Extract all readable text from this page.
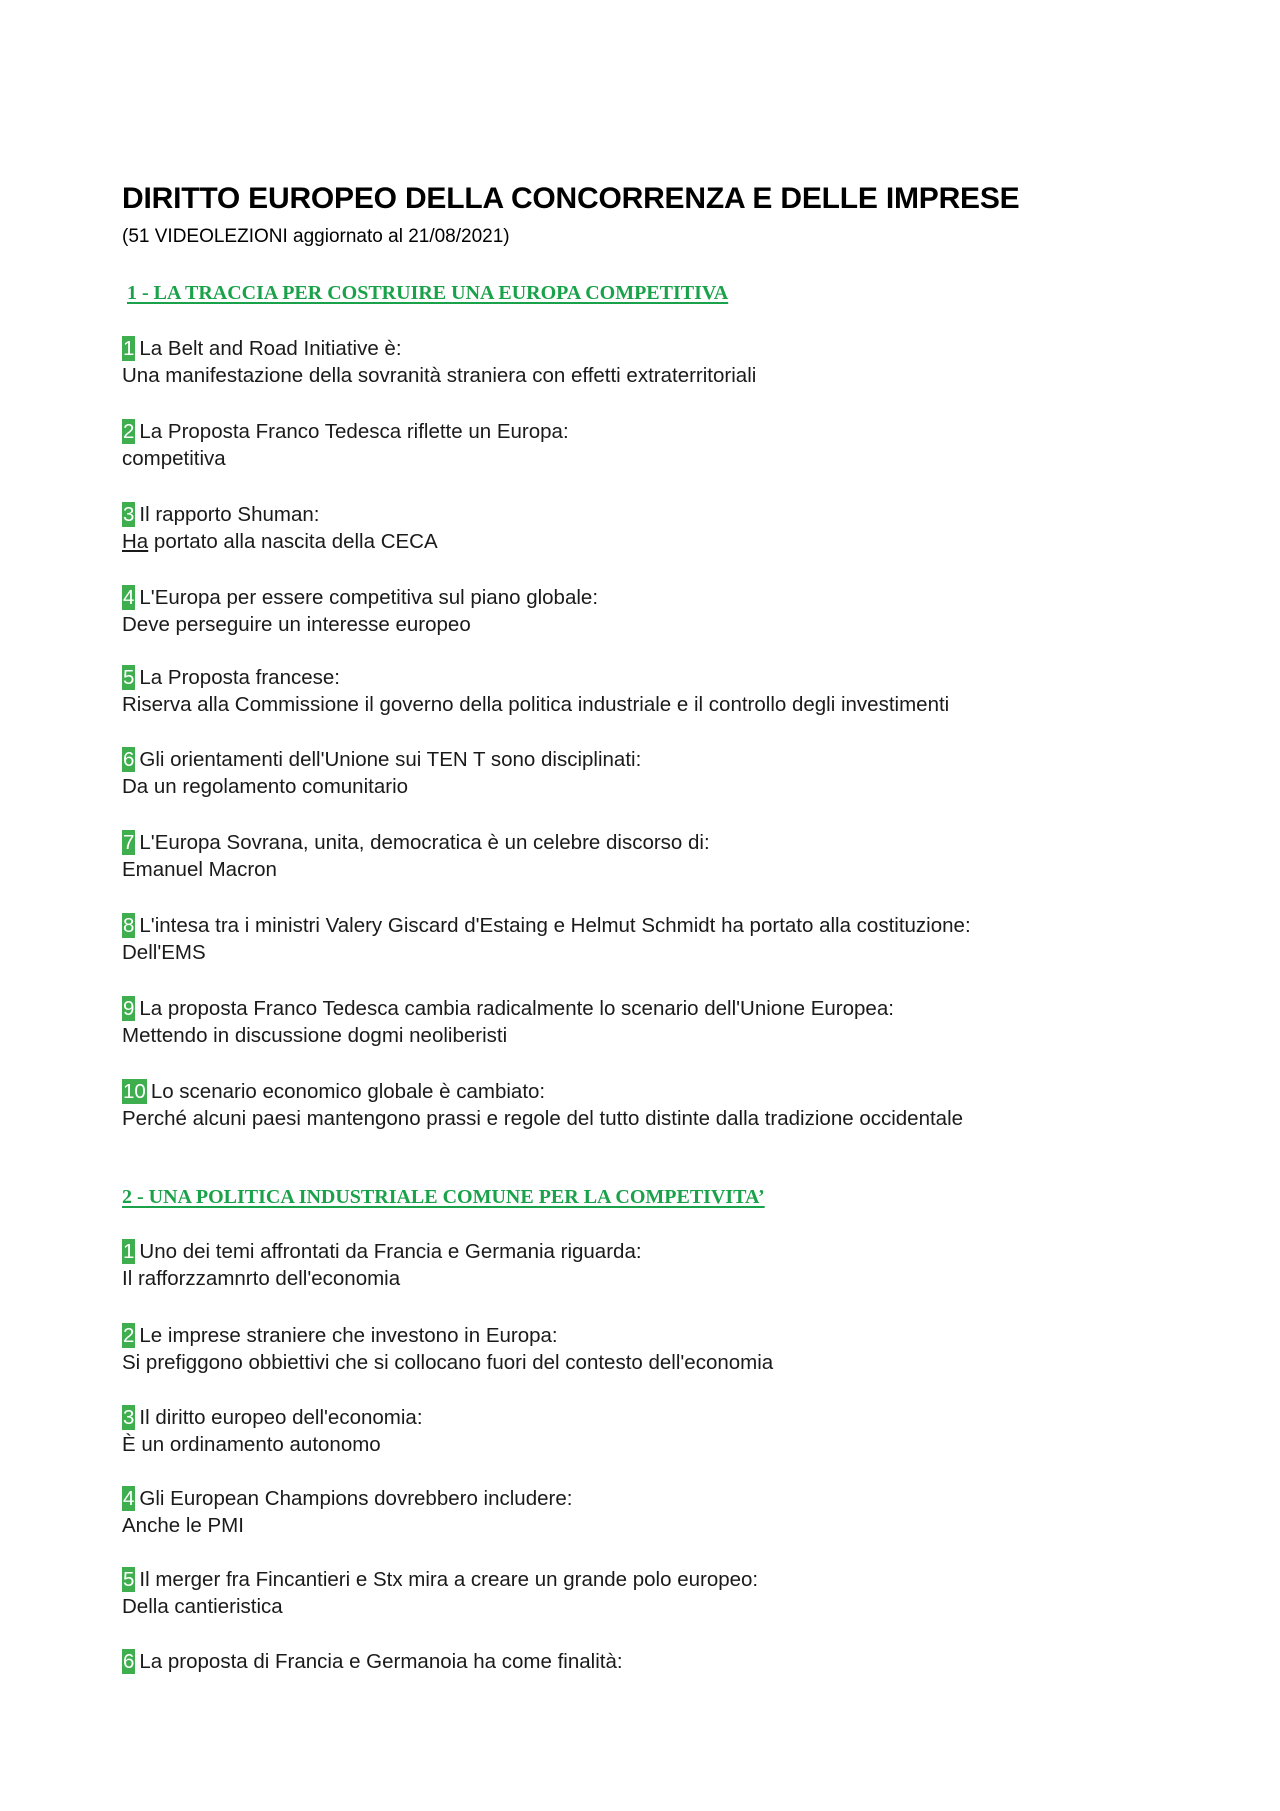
DIRITTO EUROPEO DELLA CONCORRENZA E DELLE IMPRESE

(51 VIDEOLEZIONI aggiornato al 21/08/2021)

1 - LA TRACCIA PER COSTRUIRE UNA EUROPA COMPETITIVA
1 La Belt and Road Initiative è:
Una manifestazione della sovranità straniera con effetti extraterritoriali
2 La Proposta Franco Tedesca riflette un Europa:
competitiva
3 Il rapporto Shuman:
Ha portato alla nascita della CECA
4 L'Europa per essere competitiva sul piano globale:
Deve perseguire un interesse europeo
5 La Proposta francese:
Riserva alla Commissione il governo della politica industriale e il controllo degli investimenti
6 Gli orientamenti dell'Unione sui TEN T sono disciplinati:
Da un regolamento comunitario
7 L'Europa Sovrana, unita, democratica è un celebre discorso di:
Emanuel Macron
8 L'intesa tra i ministri Valery Giscard d'Estaing e Helmut Schmidt ha portato alla costituzione:
Dell'EMS
9 La proposta Franco Tedesca cambia radicalmente lo scenario dell'Unione Europea:
Mettendo in discussione dogmi neoliberisti
10 Lo scenario economico globale è cambiato:
Perché alcuni paesi mantengono prassi e regole del tutto distinte dalla tradizione occidentale
2 - UNA POLITICA INDUSTRIALE COMUNE PER LA COMPETIVITA’
1 Uno dei temi affrontati da Francia e Germania riguarda:
Il rafforzzamnrto dell'economia
2 Le imprese straniere che investono in Europa:
Si prefiggono obbiettivi che si collocano fuori del contesto dell'economia
3 Il diritto europeo dell'economia:
È un ordinamento autonomo
4 Gli European Champions dovrebbero includere:
Anche le PMI
5 Il merger fra Fincantieri e Stx mira a creare un grande polo europeo:
Della cantieristica
6 La proposta di Francia e Germanoia ha come finalità:
